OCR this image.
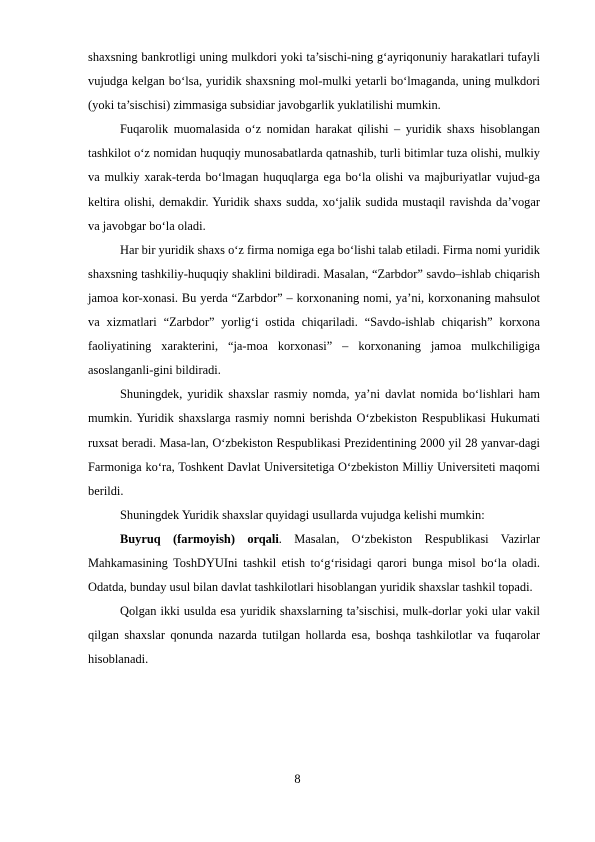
shaxsning bankrotligi uning mulkdori yoki ta’sischi-ning g‘ayriqonuniy harakatlari tufayli vujudga kelgan bo‘lsa, yuridik shaxsning mol-mulki yetarli bo‘lmaganda, uning mulkdori (yoki ta’sischisi) zimmasiga subsidiar javobgarlik yuklatilishi mumkin.

Fuqarolik muomalasida o‘z nomidan harakat qilishi – yuridik shaxs hisoblangan tashkilot o‘z nomidan huquqiy munosabatlarda qatnashib, turli bitimlar tuza olishi, mulkiy va mulkiy xarak-terda bo‘lmagan huquqlarga ega bo‘la olishi va majburiyatlar vujud-ga keltira olishi, demakdir. Yuridik shaxs sudda, xo‘jalik sudida mustaqil ravishda da’vogar va javobgar bo‘la oladi.

Har bir yuridik shaxs o‘z firma nomiga ega bo‘lishi talab etiladi. Firma nomi yuridik shaxsning tashkiliy-huquqiy shaklini bildiradi. Masalan, “Zarbdor” savdo–ishlab chiqarish jamoa kor-xonasi. Bu yerda “Zarbdor” – korxonaning nomi, ya’ni, korxonaning mahsulot va xizmatlari “Zarbdor” yorlig‘i ostida chiqariladi. “Savdo-ishlab chiqarish” korxona faoliyatining xarakterini, “ja-moa korxonasi” – korxonaning jamoa mulkchiligiga asoslanganli-gini bildiradi.

Shuningdek, yuridik shaxslar rasmiy nomda, ya’ni davlat nomida bo‘lishlari ham mumkin. Yuridik shaxslarga rasmiy nomni berishda O‘zbekiston Respublikasi Hukumati ruxsat beradi. Masa-lan, O‘zbekiston Respublikasi Prezidentining 2000 yil 28 yanvar-dagi Farmoniga ko‘ra, Toshkent Davlat Universitetiga O‘zbekiston Milliy Universiteti maqomi berildi.

Shuningdek Yuridik shaxslar quyidagi usullarda vujudga kelishi mumkin:

Buyruq (farmoyish) orqali. Masalan, O‘zbekiston Respublikasi Vazirlar Mahkamasining ToshDYUIni tashkil etish to‘g‘risidagi qarori bunga misol bo‘la oladi. Odatda, bunday usul bilan davlat tashkilotlari hisoblangan yuridik shaxslar tashkil topadi.

Qolgan ikki usulda esa yuridik shaxslarning ta’sischisi, mulk-dorlar yoki ular vakil qilgan shaxslar qonunda nazarda tutilgan hollarda esa, boshqa tashkilotlar va fuqarolar hisoblanadi.

8
